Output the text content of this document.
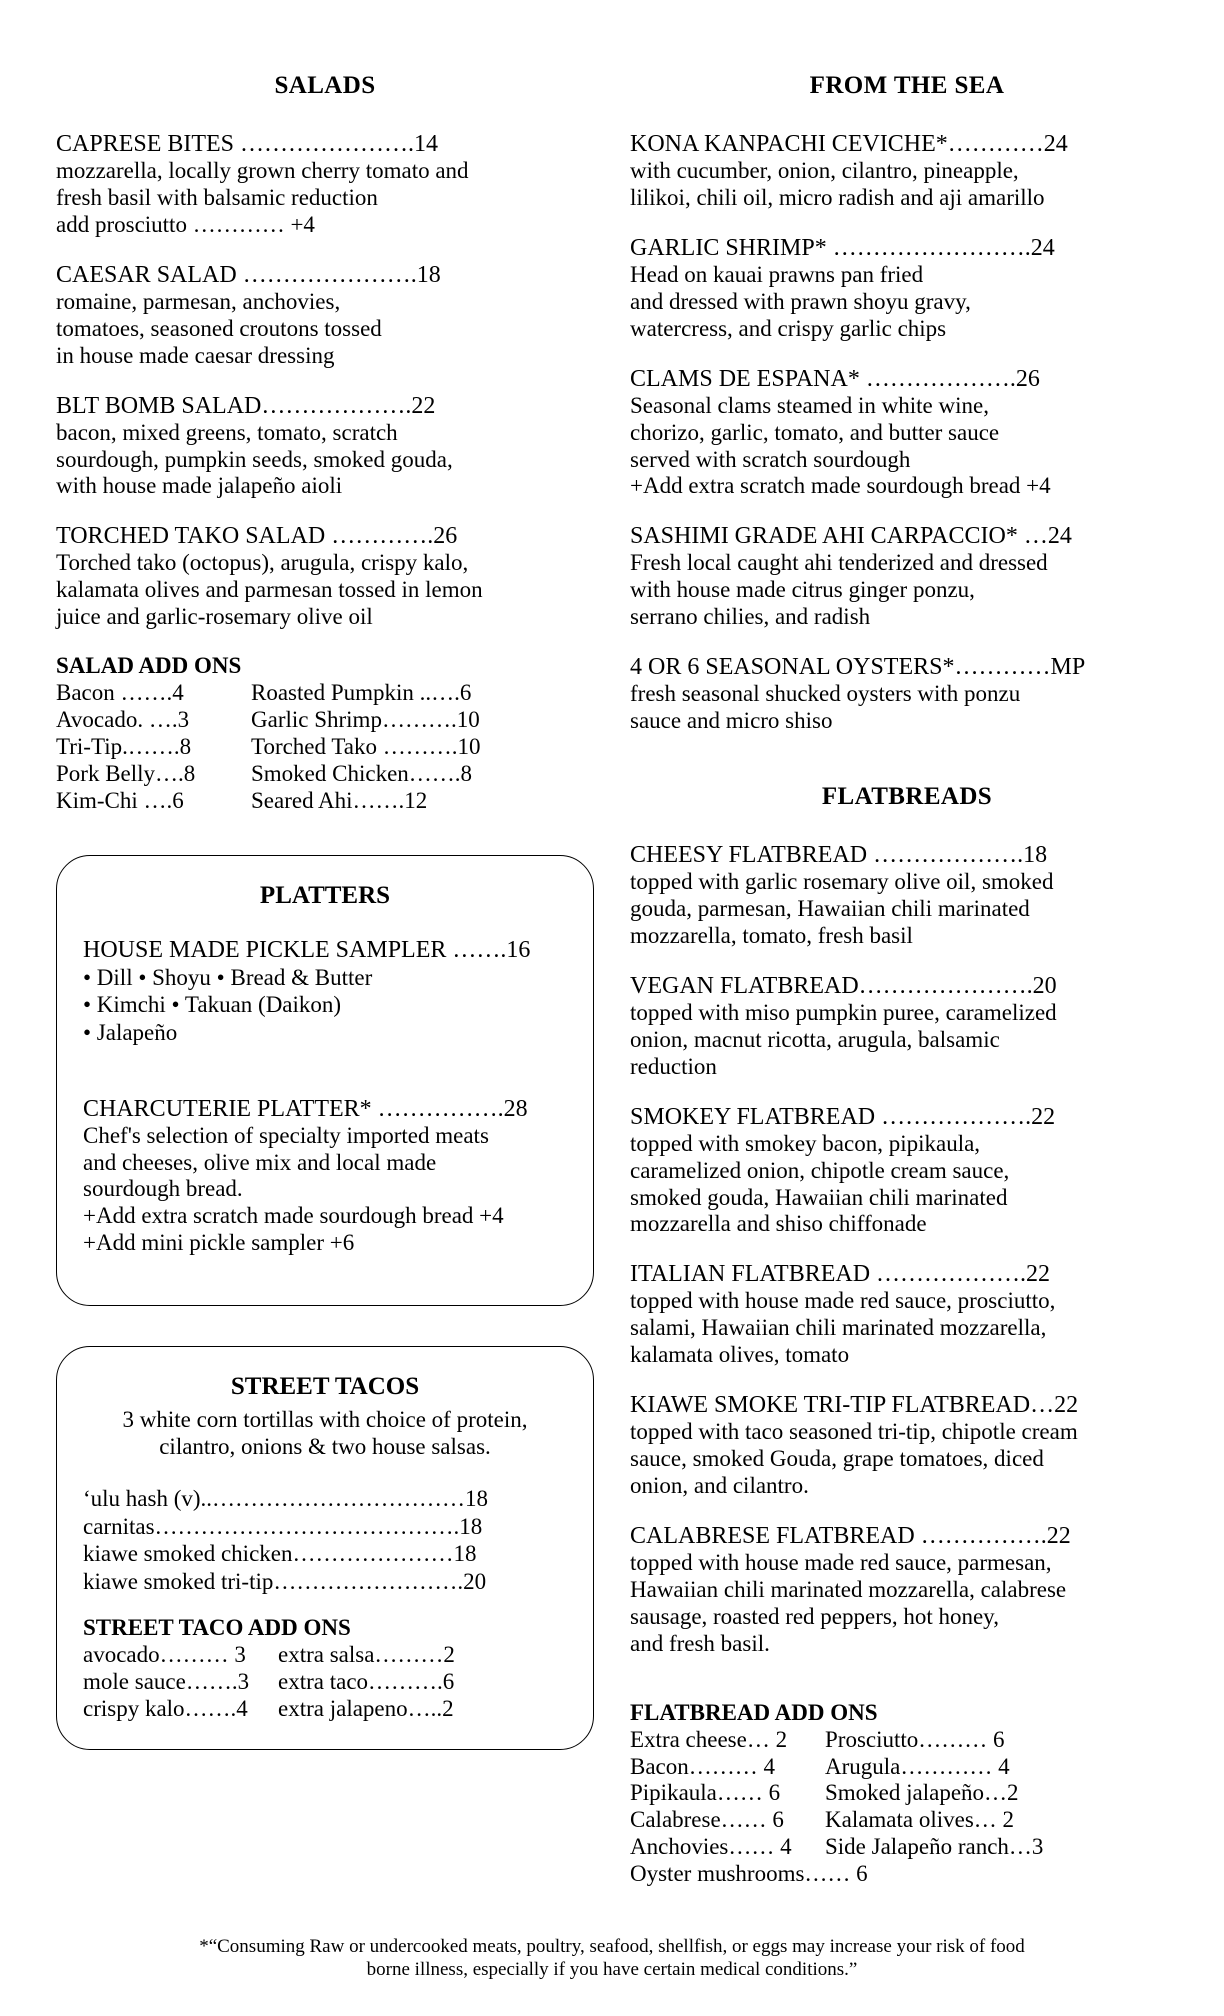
SALADS
CAPRESE BITES ………………….14
mozzarella, locally grown cherry tomato and
fresh basil with balsamic reduction
add prosciutto ………… +4
CAESAR SALAD ………………….18
romaine, parmesan, anchovies,
tomatoes, seasoned croutons tossed
in house made caesar dressing
BLT BOMB SALAD……………….22
bacon, mixed greens, tomato, scratch
sourdough, pumpkin seeds, smoked gouda,
with house made jalapeño aioli
TORCHED TAKO SALAD ………….26
Torched tako (octopus), arugula, crispy kalo,
kalamata olives and parmesan tossed in lemon
juice and garlic-rosemary olive oil
SALAD ADD ONS
Bacon …….4	Roasted Pumpkin ..….6
Avocado. ….3	Garlic Shrimp……….10
Tri-Tip.…….8	Torched Tako ……….10
Pork Belly….8	Smoked Chicken…….8
Kim-Chi ….6	Seared Ahi…….12
PLATTERS
HOUSE MADE PICKLE SAMPLER …….16
• Dill • Shoyu • Bread & Butter
• Kimchi • Takuan (Daikon)
• Jalapeño
CHARCUTERIE PLATTER* …………….28
Chef's selection of specialty imported meats
and cheeses, olive mix and local made
sourdough bread.
+Add extra scratch made sourdough bread +4
+Add mini pickle sampler +6
STREET TACOS
3 white corn tortillas with choice of protein,
cilantro, onions & two house salsas.
‘ulu hash (v)..……………………………18
carnitas………………………………….18
kiawe smoked chicken…………………18
kiawe smoked tri-tip…………………….20
STREET TACO ADD ONS
avocado……… 3	extra salsa………2
mole sauce…….3	extra taco……….6
crispy kalo…….4	extra jalapeno…..2
FROM THE SEA
KONA KANPACHI CEVICHE*…………24
with cucumber, onion, cilantro, pineapple,
lilikoi, chili oil, micro radish and aji amarillo
GARLIC SHRIMP* …………………….24
Head on kauai prawns pan fried
and dressed with prawn shoyu gravy,
watercress, and crispy garlic chips
CLAMS DE ESPANA* ……………….26
Seasonal clams steamed in white wine,
chorizo, garlic, tomato, and butter sauce
served with scratch sourdough
+Add extra scratch made sourdough bread +4
SASHIMI GRADE AHI CARPACCIO* …24
Fresh local caught ahi tenderized and dressed
with house made citrus ginger ponzu,
serrano chilies, and radish
4 OR 6 SEASONAL OYSTERS*…………MP
fresh seasonal shucked oysters with ponzu
sauce and micro shiso
FLATBREADS
CHEESY FLATBREAD ……………….18
topped with garlic rosemary olive oil, smoked
gouda, parmesan, Hawaiian chili marinated
mozzarella, tomato, fresh basil
VEGAN FLATBREAD………………….20
topped with miso pumpkin puree, caramelized
onion, macnut ricotta, arugula, balsamic
reduction
SMOKEY FLATBREAD ……………….22
topped with smokey bacon, pipikaula,
caramelized onion, chipotle cream sauce,
smoked gouda, Hawaiian chili marinated
mozzarella and shiso chiffonade
ITALIAN FLATBREAD ……………….22
topped with house made red sauce, prosciutto,
salami, Hawaiian chili marinated mozzarella,
kalamata olives, tomato
KIAWE SMOKE TRI-TIP FLATBREAD…22
topped with taco seasoned tri-tip, chipotle cream
sauce, smoked Gouda, grape tomatoes, diced
onion, and cilantro.
CALABRESE FLATBREAD …………….22
topped with house made red sauce, parmesan,
Hawaiian chili marinated mozzarella, calabrese
sausage, roasted red peppers, hot honey,
and fresh basil.
FLATBREAD ADD ONS
Extra cheese… 2	Prosciutto……… 6
Bacon……… 4	Arugula………… 4
Pipikaula…… 6	Smoked jalapeño…2
Calabrese…… 6	Kalamata olives… 2
Anchovies…… 4	Side Jalapeño ranch…3
Oyster mushrooms…… 6
*“Consuming Raw or undercooked meats, poultry, seafood, shellfish, or eggs may increase your risk of food
borne illness, especially if you have certain medical conditions.”
